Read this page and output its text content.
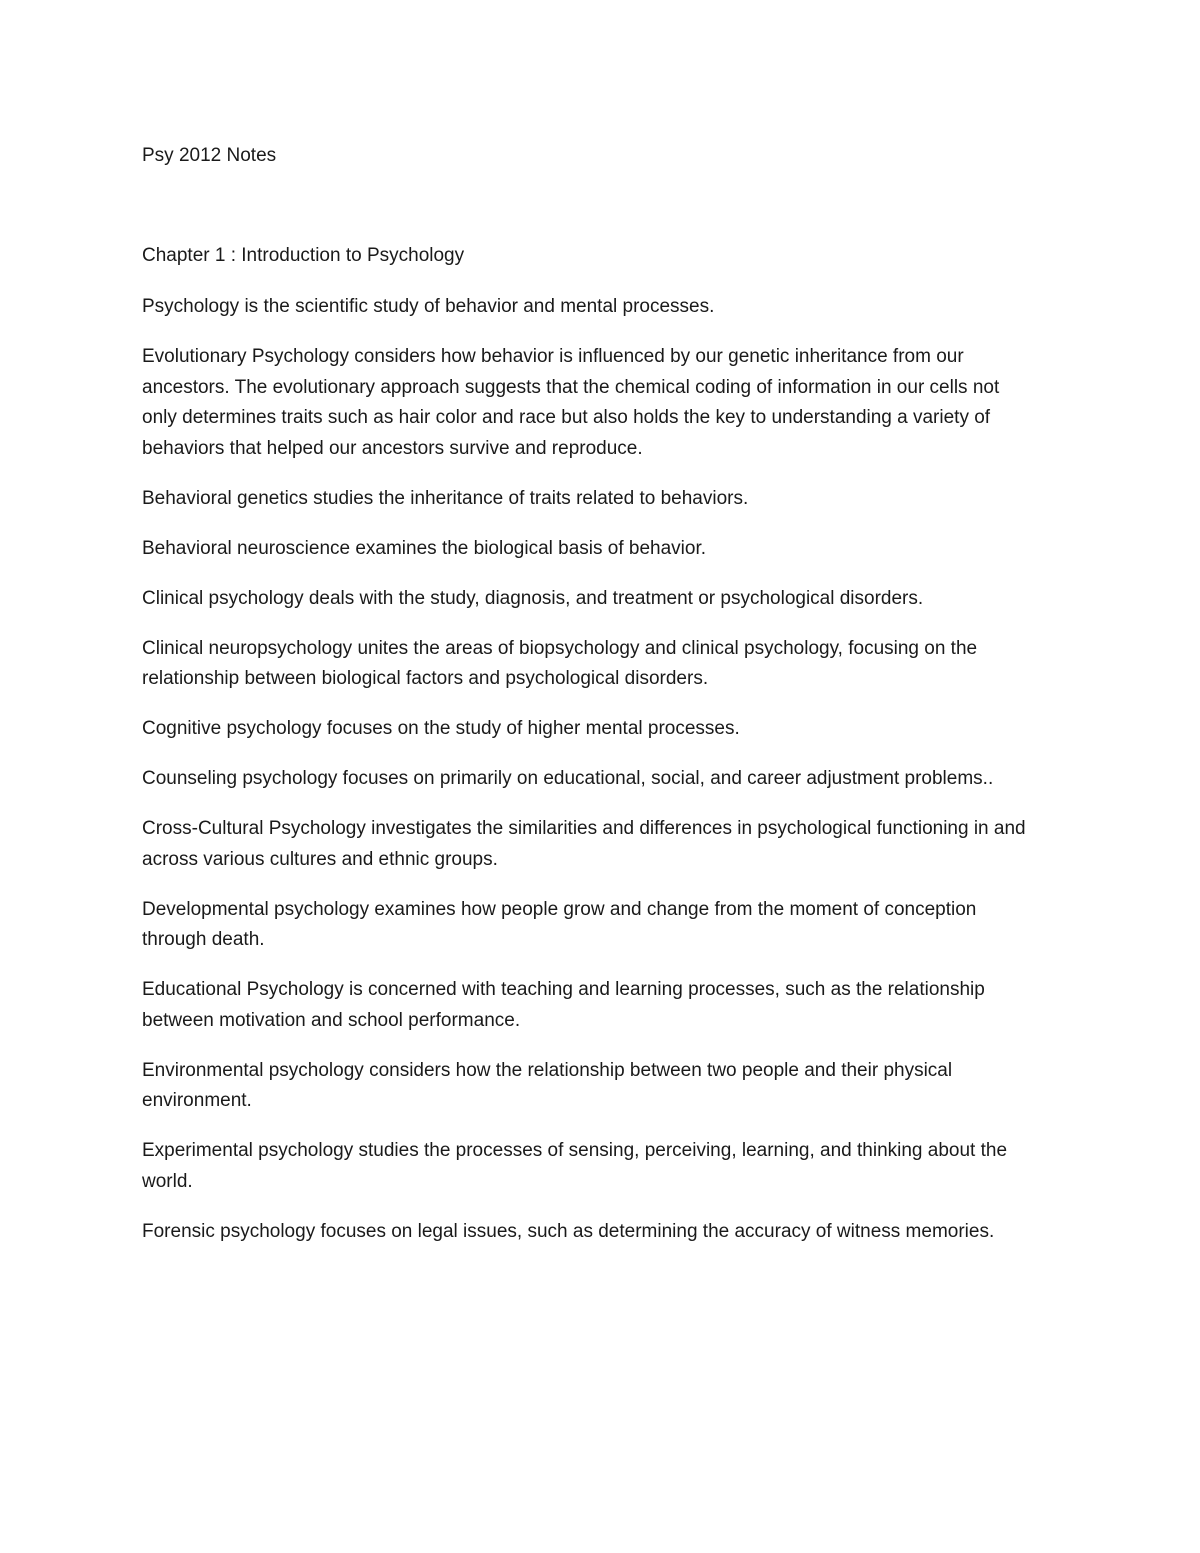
Psy 2012 Notes
Chapter 1 : Introduction to Psychology

Psychology is the scientific study of behavior and mental processes.

Evolutionary Psychology considers how behavior is influenced by our genetic inheritance from our
ancestors. The evolutionary approach suggests that the chemical coding of information in our cells not
only determines traits such as hair color and race but also holds the key to understanding a variety of
behaviors that helped our ancestors survive and reproduce.

Behavioral genetics studies the inheritance of traits related to behaviors.

Behavioral neuroscience examines the biological basis of behavior.

Clinical psychology deals with the study, diagnosis, and treatment or psychological disorders.

Clinical neuropsychology unites the areas of biopsychology and clinical psychology, focusing on the
relationship between biological factors and psychological disorders.

Cognitive psychology focuses on the study of higher mental processes.

Counseling psychology focuses on primarily on educational, social, and career adjustment problems..

Cross-Cultural Psychology investigates the similarities and differences in psychological functioning in and
across various cultures and ethnic groups.

Developmental psychology examines how people grow and change from the moment of conception
through death.

Educational Psychology is concerned with teaching and learning processes, such as the relationship
between motivation and school performance.

Environmental psychology considers how the relationship between two people and their physical
environment.

Experimental psychology studies the processes of sensing, perceiving, learning, and thinking about the
world.

Forensic psychology focuses on legal issues, such as determining the accuracy of witness memories.
